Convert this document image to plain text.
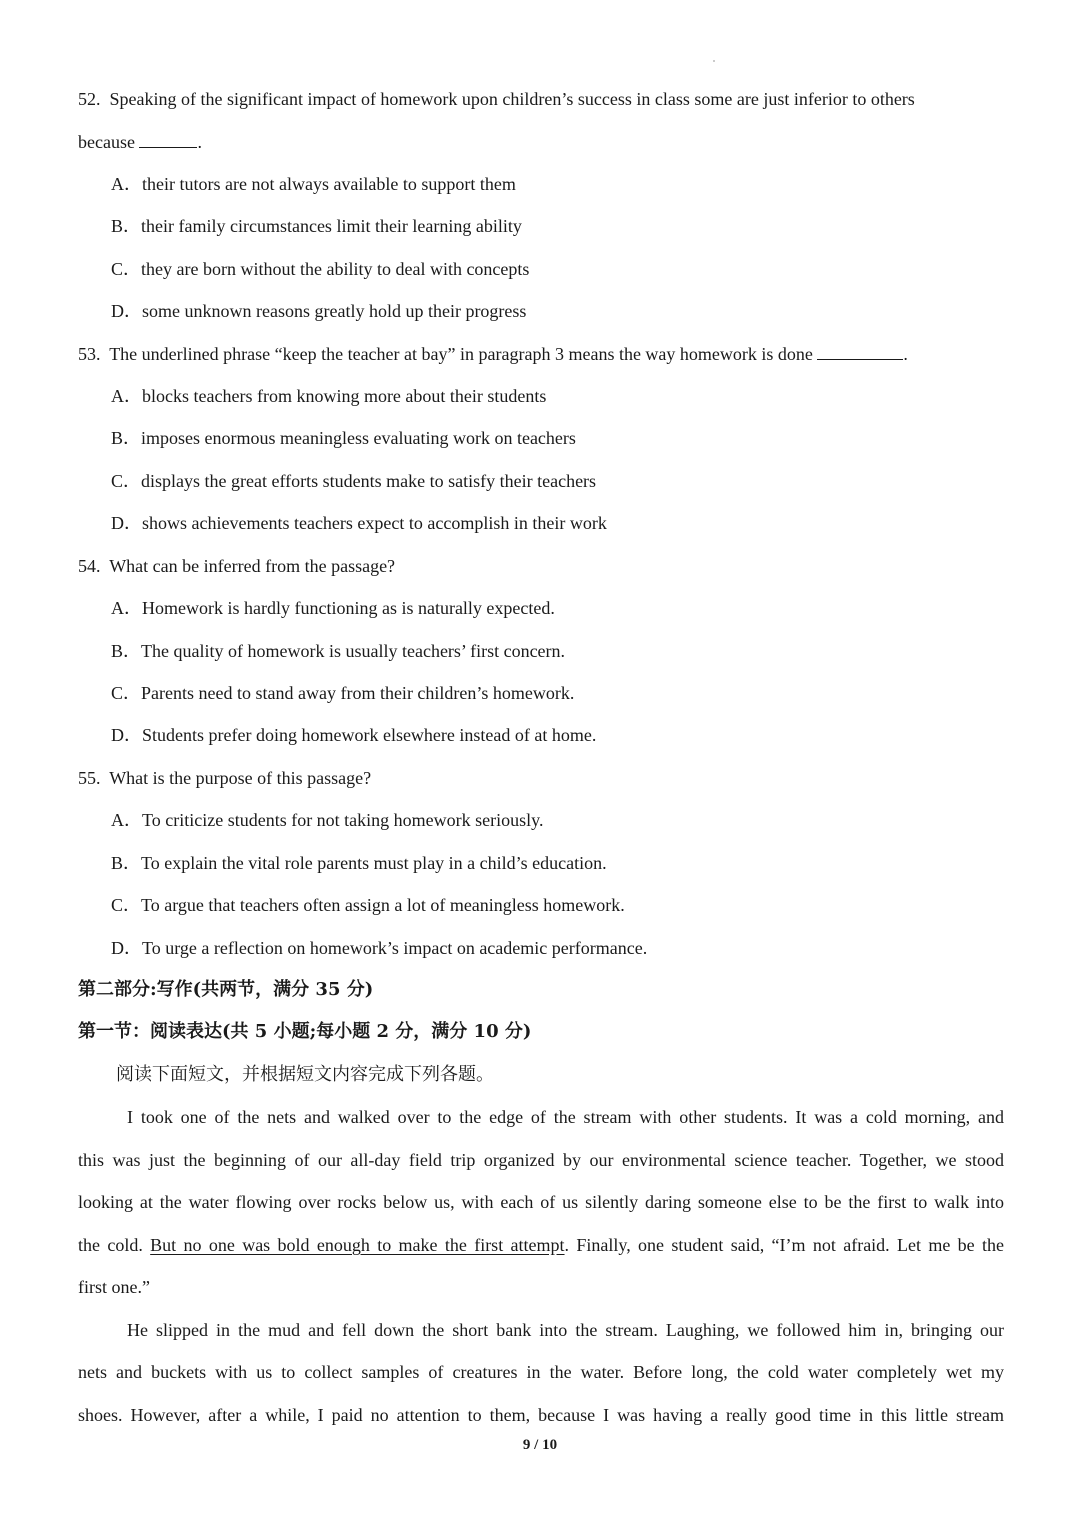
52. Speaking of the significant impact of homework upon children’s success in class some are just inferior to others
because	.
A．their tutors are not always available to support them
B．their family circumstances limit their learning ability
C．they are born without the ability to deal with concepts
D．some unknown reasons greatly hold up their progress
53. The underlined phrase “keep the teacher at bay” in paragraph 3 means the way homework is done	.
A．blocks teachers from knowing more about their students
B．imposes enormous meaningless evaluating work on teachers
C．displays the great efforts students make to satisfy their teachers
D．shows achievements teachers expect to accomplish in their work
54. What can be inferred from the passage?
A．Homework is hardly functioning as is naturally expected.
B．The quality of homework is usually teachers’ first concern.
C．Parents need to stand away from their children’s homework.
D．Students prefer doing homework elsewhere instead of at home.
55. What is the purpose of this passage?
A．To criticize students for not taking homework seriously.
B．To explain the vital role parents must play in a child’s education.
C．To argue that teachers often assign a lot of meaningless homework.
D．To urge a reflection on homework’s impact on academic performance.
第二部分:写作(共两节，满分 35 分)
第一节：阅读表达(共 5 小题;每小题 2 分，满分 10 分)
阅读下面短文，并根据短文内容完成下列各题。
I took one of the nets and walked over to the edge of the stream with other students. It was a cold morning, and
this was just the beginning of our all-day field trip organized by our environmental science teacher. Together, we stood
looking at the water flowing over rocks below us, with each of us silently daring someone else to be the first to walk into
the cold. But no one was bold enough to make the first attempt. Finally, one student said, “I’m not afraid. Let me be the
first one.”
He slipped in the mud and fell down the short bank into the stream. Laughing, we followed him in, bringing our
nets and buckets with us to collect samples of creatures in the water. Before long, the cold water completely wet my
shoes. However, after a while, I paid no attention to them, because I was having a really good time in this little stream
9 / 10
